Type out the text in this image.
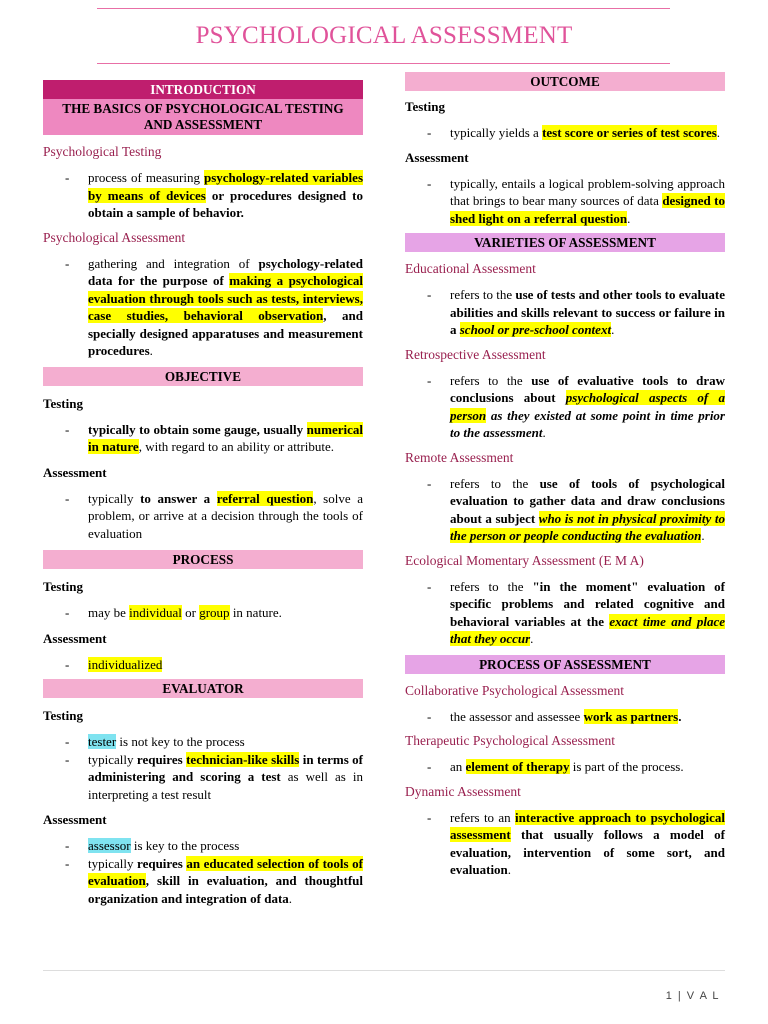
PSYCHOLOGICAL ASSESSMENT
INTRODUCTION
THE BASICS OF PSYCHOLOGICAL TESTING AND ASSESSMENT

Psychological Testing

-	process of measuring psychology-related variables by means of devices or procedures designed to obtain a sample of behavior.

Psychological Assessment

-	gathering and integration of psychology-related data for the purpose of making a psychological evaluation through tools such as tests, interviews, case studies, behavioral observation, and specially designed apparatuses and measurement procedures.
OBJECTIVE

Testing

-	typically to obtain some gauge, usually numerical in nature, with regard to an ability or attribute.

Assessment

-	typically to answer a referral question, solve a problem, or arrive at a decision through the tools of evaluation
PROCESS

Testing

-	may be individual or group in nature.

Assessment

-	individualized
EVALUATOR

Testing

-	tester is not key to the process
-	typically requires technician-like skills in terms of administering and scoring a test as well as in interpreting a test result

Assessment

-	assessor is key to the process
-	typically requires an educated selection of tools of evaluation, skill in evaluation, and thoughtful organization and integration of data.
OUTCOME

Testing

-	typically yields a test score or series of test scores.

Assessment

-	typically, entails a logical problem-solving approach that brings to bear many sources of data designed to shed light on a referral question.
VARIETIES OF ASSESSMENT

Educational Assessment

-	refers to the use of tests and other tools to evaluate abilities and skills relevant to success or failure in a school or pre-school context.

Retrospective Assessment

-	refers to the use of evaluative tools to draw conclusions about psychological aspects of a person as they existed at some point in time prior to the assessment.

Remote Assessment

-	refers to the use of tools of psychological evaluation to gather data and draw conclusions about a subject who is not in physical proximity to the person or people conducting the evaluation.

Ecological Momentary Assessment (E M A)

-	refers to the "in the moment" evaluation of specific problems and related cognitive and behavioral variables at the exact time and place that they occur.
PROCESS OF ASSESSMENT

Collaborative Psychological Assessment

-	the assessor and assessee work as partners.

Therapeutic Psychological Assessment

-	an element of therapy is part of the process.

Dynamic Assessment

-	refers to an interactive approach to psychological assessment that usually follows a model of evaluation, intervention of some sort, and evaluation.
1 | V A L
